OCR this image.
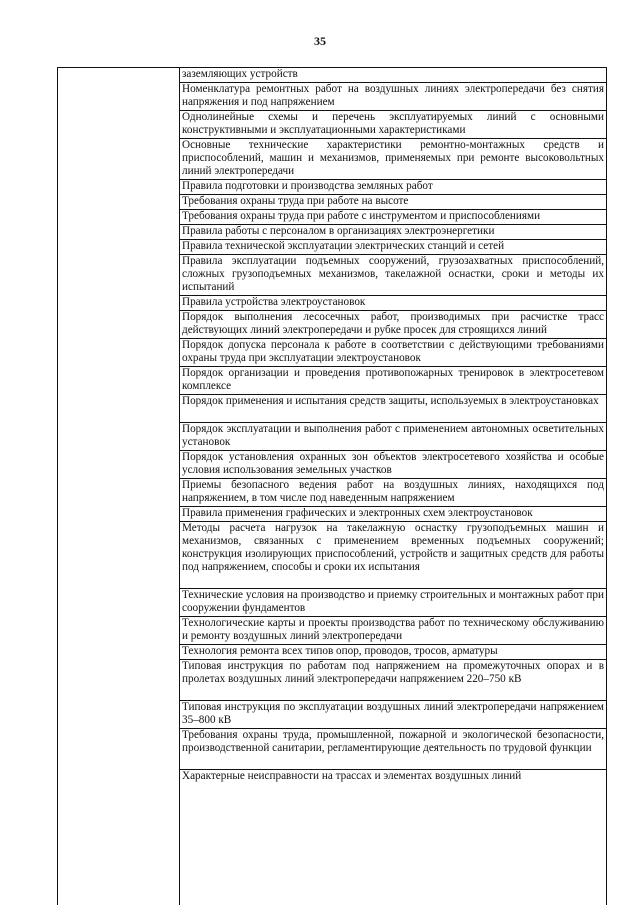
35
заземляющих устройств
Номенклатура ремонтных работ на воздушных линиях электропередачи без снятия напряжения и под напряжением
Однолинейные схемы и перечень эксплуатируемых линий с основными конструктивными и эксплуатационными характеристиками
Основные технические характеристики ремонтно-монтажных средств и приспособлений, машин и механизмов, применяемых при ремонте высоковольтных линий электропередачи
Правила подготовки и производства земляных работ
Требования охраны труда при работе на высоте
Требования охраны труда при работе с инструментом и приспособлениями
Правила работы с персоналом в организациях электроэнергетики
Правила технической эксплуатации электрических станций и сетей
Правила эксплуатации подъемных сооружений, грузозахватных приспособлений, сложных грузоподъемных механизмов, такелажной оснастки, сроки и методы их испытаний
Правила устройства электроустановок
Порядок выполнения лесосечных работ, производимых при расчистке трасс действующих линий электропередачи и рубке просек для строящихся линий
Порядок допуска персонала к работе в соответствии с действующими требованиями охраны труда при эксплуатации электроустановок
Порядок организации и проведения противопожарных тренировок в электросетевом комплексе
Порядок применения и испытания средств защиты, используемых в электроустановках
Порядок эксплуатации и выполнения работ с применением автономных осветительных установок
Порядок установления охранных зон объектов электросетевого хозяйства и особые условия использования земельных участков
Приемы безопасного ведения работ на воздушных линиях, находящихся под напряжением, в том числе под наведенным напряжением
Правила применения графических и электронных схем электроустановок
Методы расчета нагрузок на такелажную оснастку грузоподъемных машин и механизмов, связанных с применением временных подъемных сооружений; конструкция изолирующих приспособлений, устройств и защитных средств для работы под напряжением, способы и сроки их испытания
Технические условия на производство и приемку строительных и монтажных работ при сооружении фундаментов
Технологические карты и проекты производства работ по техническому обслуживанию и ремонту воздушных линий электропередачи
Технология ремонта всех типов опор, проводов, тросов, арматуры
Типовая инструкция по работам под напряжением на промежуточных опорах и в пролетах воздушных линий электропередачи напряжением 220–750 кВ
Типовая инструкция по эксплуатации воздушных линий электропередачи напряжением 35–800 кВ
Требования охраны труда, промышленной, пожарной и экологической безопасности, производственной санитарии, регламентирующие деятельность по трудовой функции
Характерные неисправности на трассах и элементах воздушных линий
